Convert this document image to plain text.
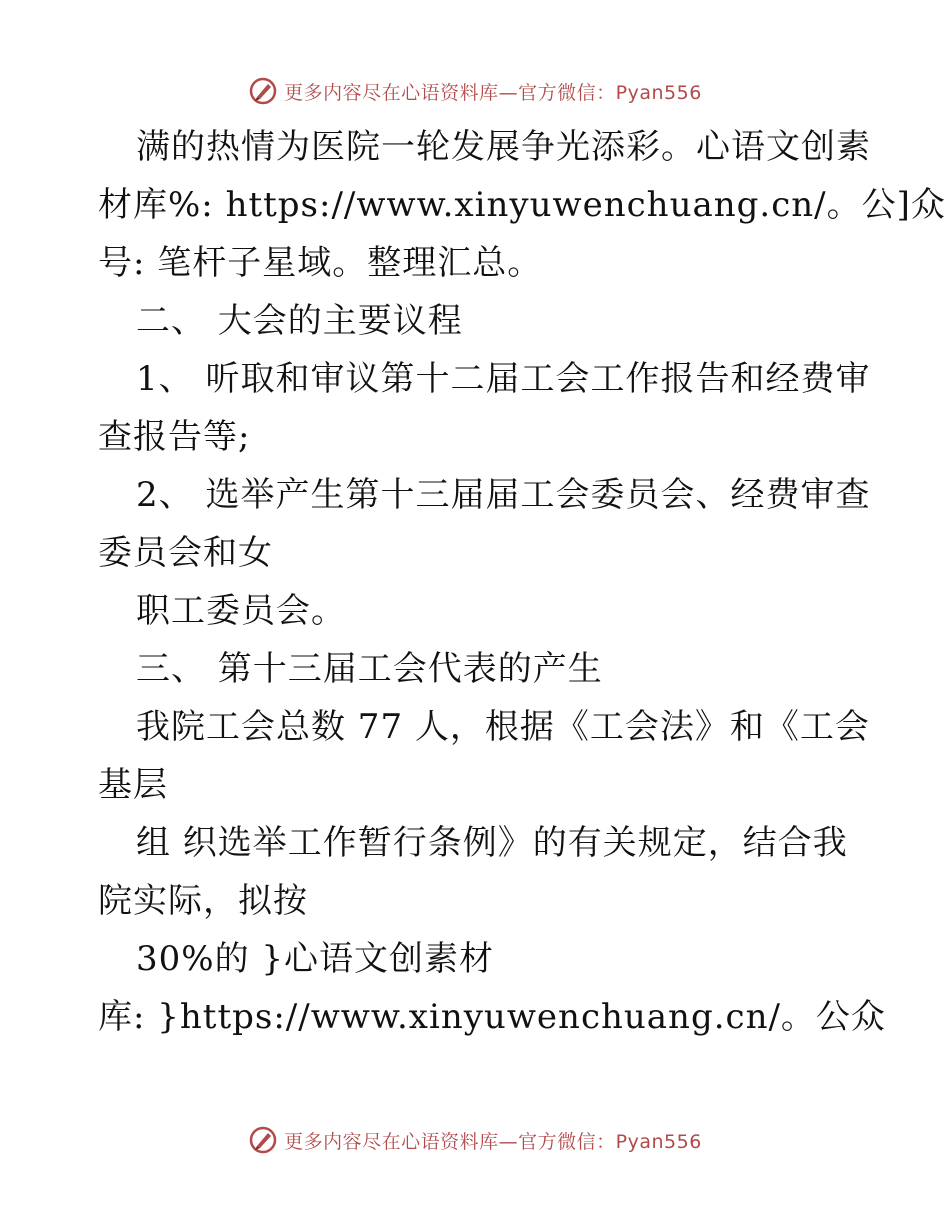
更多内容尽在心语资料库—官方微信：Pyan556
满的热情为医院一轮发展争光添彩。心语文创素
材库%: https://www.xinyuwenchuang.cn/。公]众
号: 笔杆子星域。整理汇总。
二、 大会的主要议程
1、 听取和审议第十二届工会工作报告和经费审
查报告等;
2、 选举产生第十三届届工会委员会、经费审查
委员会和女
职工委员会。
三、 第十三届工会代表的产生
我院工会总数 77 人，根据《工会法》和《工会
基层
组 织选举工作暂行条例》的有关规定，结合我
院实际，拟按
30%的 }心语文创素材
库: }https://www.xinyuwenchuang.cn/。公众
更多内容尽在心语资料库—官方微信：Pyan556
